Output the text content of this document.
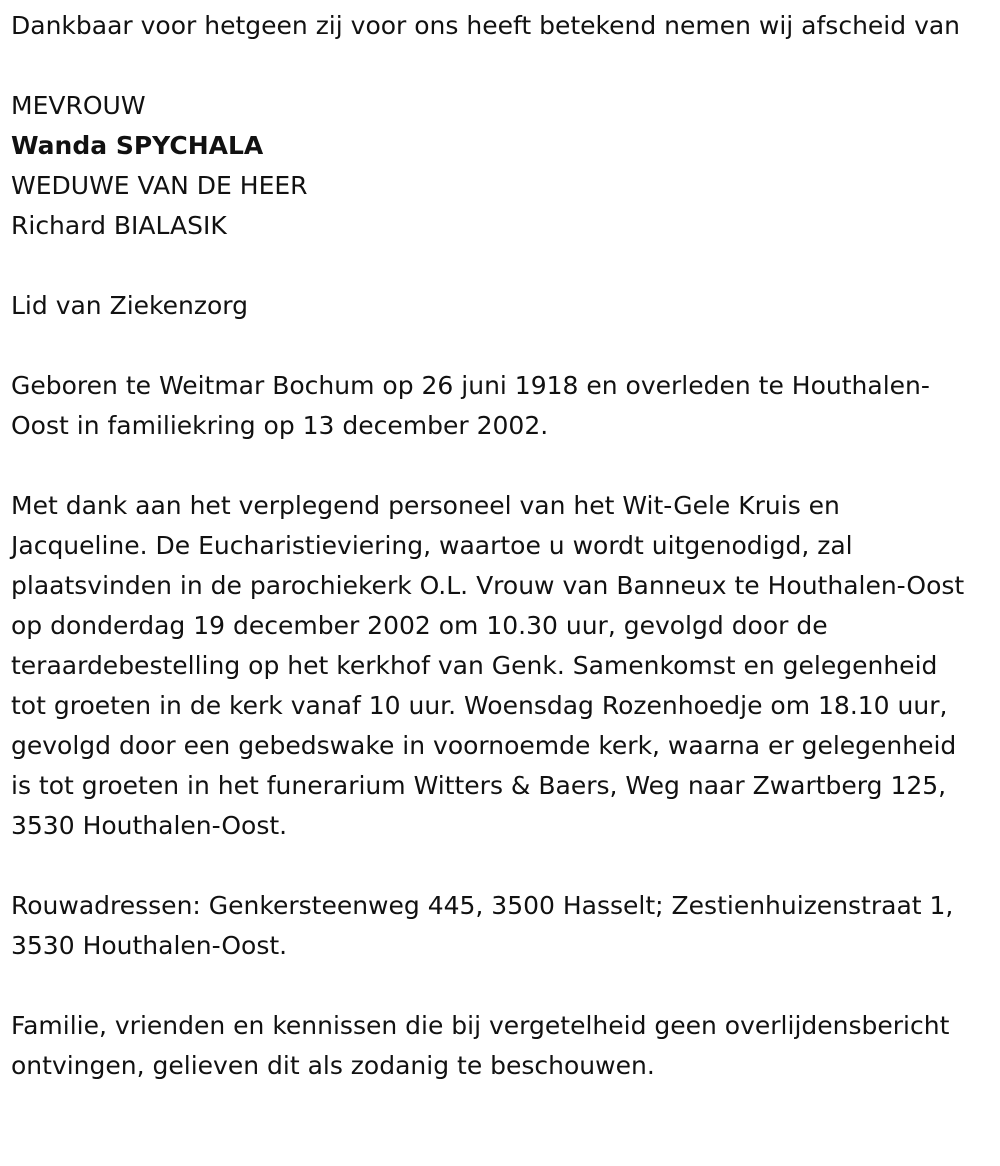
Dankbaar voor hetgeen zij voor ons heeft betekend nemen wij afscheid van

MEVROUW

Wanda SPYCHALA

WEDUWE VAN DE HEER

Richard BIALASIK

Lid van Ziekenzorg

Geboren te Weitmar Bochum op 26 juni 1918 en overleden te Houthalen-Oost in familiekring op 13 december 2002.

Met dank aan het verplegend personeel van het Wit-Gele Kruis en Jacqueline. De Eucharistieviering, waartoe u wordt uitgenodigd, zal plaatsvinden in de parochiekerk O.L. Vrouw van Banneux te Houthalen-Oost op donderdag 19 december 2002 om 10.30 uur, gevolgd door de teraardebestelling op het kerkhof van Genk. Samenkomst en gelegenheid tot groeten in de kerk vanaf 10 uur. Woensdag Rozenhoedje om 18.10 uur, gevolgd door een gebedswake in voornoemde kerk, waarna er gelegenheid is tot groeten in het funerarium Witters & Baers, Weg naar Zwartberg 125, 3530 Houthalen-Oost.

Rouwadressen: Genkersteenweg 445, 3500 Hasselt; Zestienhuizenstraat 1, 3530 Houthalen-Oost.

Familie, vrienden en kennissen die bij vergetelheid geen overlijdensbericht ontvingen, gelieven dit als zodanig te beschouwen.
